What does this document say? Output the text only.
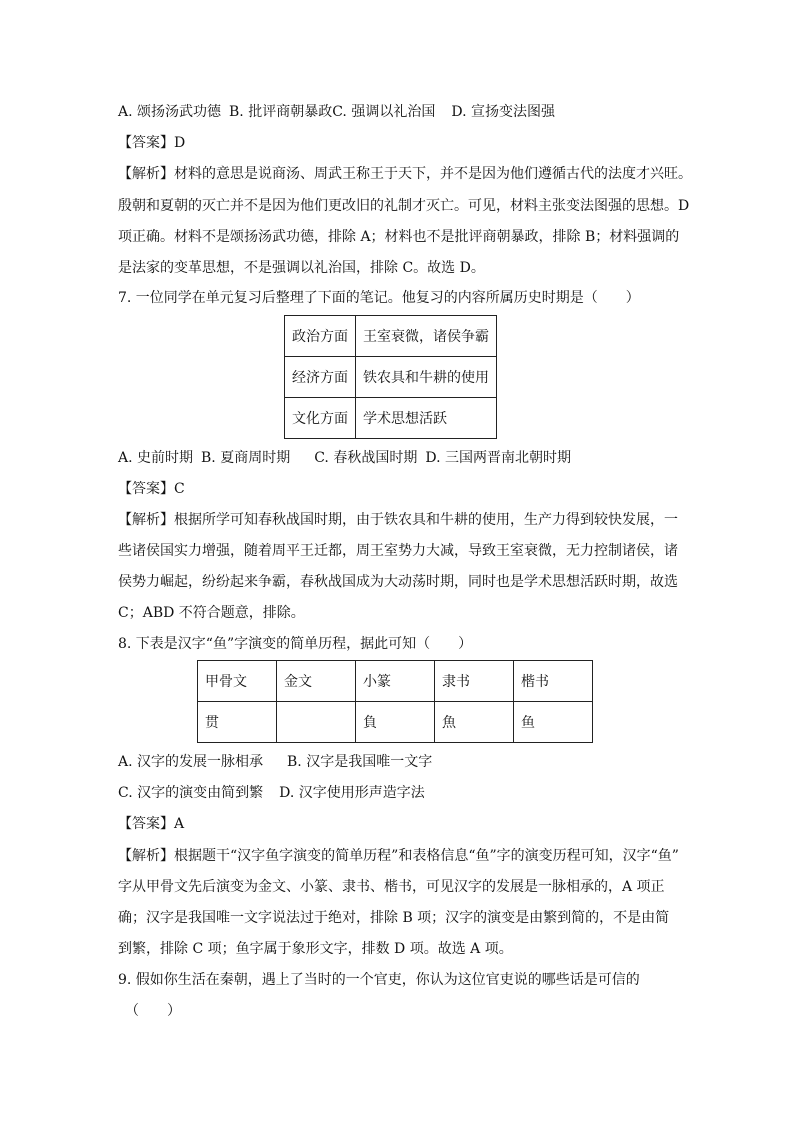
A. 颂扬汤武功德 B. 批评商朝暴政C. 强调以礼治国 D. 宣扬变法图强
【答案】D
【解析】材料的意思是说商汤、周武王称王于天下，并不是因为他们遵循古代的法度才兴旺。
殷朝和夏朝的灭亡并不是因为他们更改旧的礼制才灭亡。可见，材料主张变法图强的思想。D
项正确。材料不是颂扬汤武功德，排除 A；材料也不是批评商朝暴政，排除 B；材料强调的
是法家的变革思想，不是强调以礼治国，排除 C。故选 D。
7. 一位同学在单元复习后整理了下面的笔记。他复习的内容所属历史时期是（　　）
政治方面	王室衰微，诸侯争霸
经济方面	铁农具和牛耕的使用
文化方面	学术思想活跃
A. 史前时期 B. 夏商周时期 C. 春秋战国时期 D. 三国两晋南北朝时期
【答案】C
【解析】根据所学可知春秋战国时期，由于铁农具和牛耕的使用，生产力得到较快发展，一
些诸侯国实力增强，随着周平王迁都，周王室势力大减，导致王室衰微，无力控制诸侯，诸
侯势力崛起，纷纷起来争霸，春秋战国成为大动荡时期，同时也是学术思想活跃时期，故选
C；ABD 不符合题意，排除。
8. 下表是汉字“鱼”字演变的简单历程，据此可知（　　）
甲骨文	金文	小篆	隶书	楷书
贯		負	魚	鱼
A. 汉字的发展一脉相承 B. 汉字是我国唯一文字
C. 汉字的演变由简到繁 D. 汉字使用形声造字法
【答案】A
【解析】根据题干“汉字鱼字演变的简单历程”和表格信息“鱼”字的演变历程可知，汉字“鱼”
字从甲骨文先后演变为金文、小篆、隶书、楷书，可见汉字的发展是一脉相承的，A 项正
确；汉字是我国唯一文字说法过于绝对，排除 B 项；汉字的演变是由繁到简的，不是由简
到繁，排除 C 项；鱼字属于象形文字，排数 D 项。故选 A 项。
9. 假如你生活在秦朝，遇上了当时的一个官吏，你认为这位官吏说的哪些话是可信的
（　　）
